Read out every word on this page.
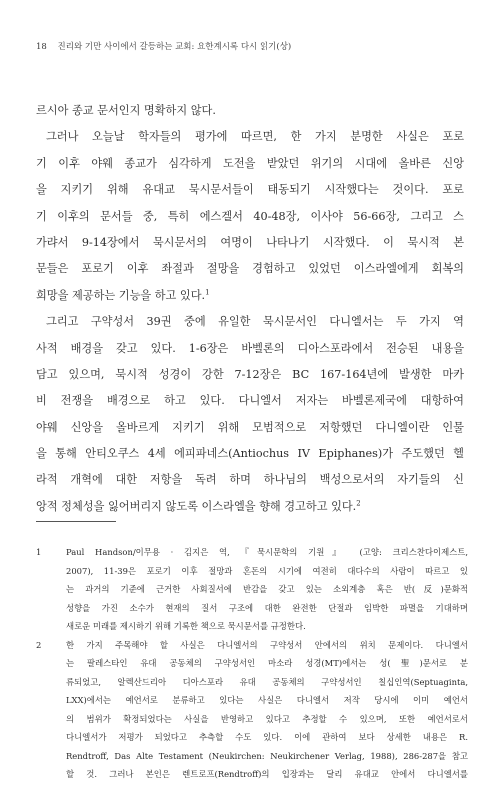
18 진리와 기만 사이에서 갈등하는 교회: 요한계시록 다시 읽기(상)
르시아 종교 문서인지 명확하지 않다.
그러나 오늘날 학자들의 평가에 따르면, 한 가지 분명한 사실은 포로
기 이후 야웨 종교가 심각하게 도전을 받았던 위기의 시대에 올바른 신앙
을 지키기 위해 유대교 묵시문서들이 태동되기 시작했다는 것이다. 포로
기 이후의 문서들 중, 특히 에스겔서 40-48장, 이사야 56-66장, 그리고 스
가랴서 9-14장에서 묵시문서의 여명이 나타나기 시작했다. 이 묵시적 본
문들은 포로기 이후 좌절과 절망을 경험하고 있었던 이스라엘에게 회복의
희망을 제공하는 기능을 하고 있다.$^1$
그리고 구약성서 39권 중에 유일한 묵시문서인 다니엘서는 두 가지 역
사적 배경을 갖고 있다. 1-6장은 바벨론의 디아스포라에서 전승된 내용을
담고 있으며, 묵시적 성경이 강한 7-12장은 BC 167-164년에 발생한 마카
비 전쟁을 배경으로 하고 있다. 다니엘서 저자는 바벨론제국에 대항하여
야웨 신앙을 올바르게 지키기 위해 모범적으로 저항했던 다니엘이란 인물
을 통해 안티오쿠스 4세 에피파네스(Antiochus IV Epiphanes)가 주도했던 헬
라적 개혁에 대한 저항을 독려 하며 하나님의 백성으로서의 자기들의 신
앙적 정체성을 잃어버리지 않도록 이스라엘을 향해 경고하고 있다.$^2$
1	Paul Handson/이무용 · 김지은 역, 『묵시문학의 기원』 (고양: 크리스찬다이제스트,
2007), 11-39은 포로기 이후 절망과 혼돈의 시기에 여전히 대다수의 사람이 따르고 있
는 과거의 기준에 근거한 사회질서에 반감을 갖고 있는 소외계층 혹은 반(反)문화적
성향을 가진 소수가 현재의 질서 구조에 대한 완전한 단절과 임박한 파멸을 기대하며
새로운 미래를 제시하기 위해 기록한 책으로 묵시문서를 규정한다.
2	한 가지 주목해야 할 사실은 다니엘서의 구약성서 안에서의 위치 문제이다. 다니엘서
는 팔레스타인 유대 공동체의 구약성서인 마소라 성경(MT)에서는 성(聖)문서로 분
류되었고, 알렉산드리아 디아스포라 유대 공동체의 구약성서인 칠십인역(Septuaginta,
LXX)에서는 예언서로 분류하고 있다는 사실은 다니엘서 저작 당시에 이미 예언서
의 범위가 확정되었다는 사실을 반영하고 있다고 추정할 수 있으며, 또한 예언서로서
다니엘서가 저평가 되었다고 추측할 수도 있다. 이에 관하여 보다 상세한 내용은 R.
Rendtroff, Das Alte Testament (Neukirchen: Neukirchener Verlag, 1988), 286-287을 참고
할 것. 그러나 본인은 렌트로프(Rendtroff)의 입장과는 달리 유대교 안에서 다니엘서를
